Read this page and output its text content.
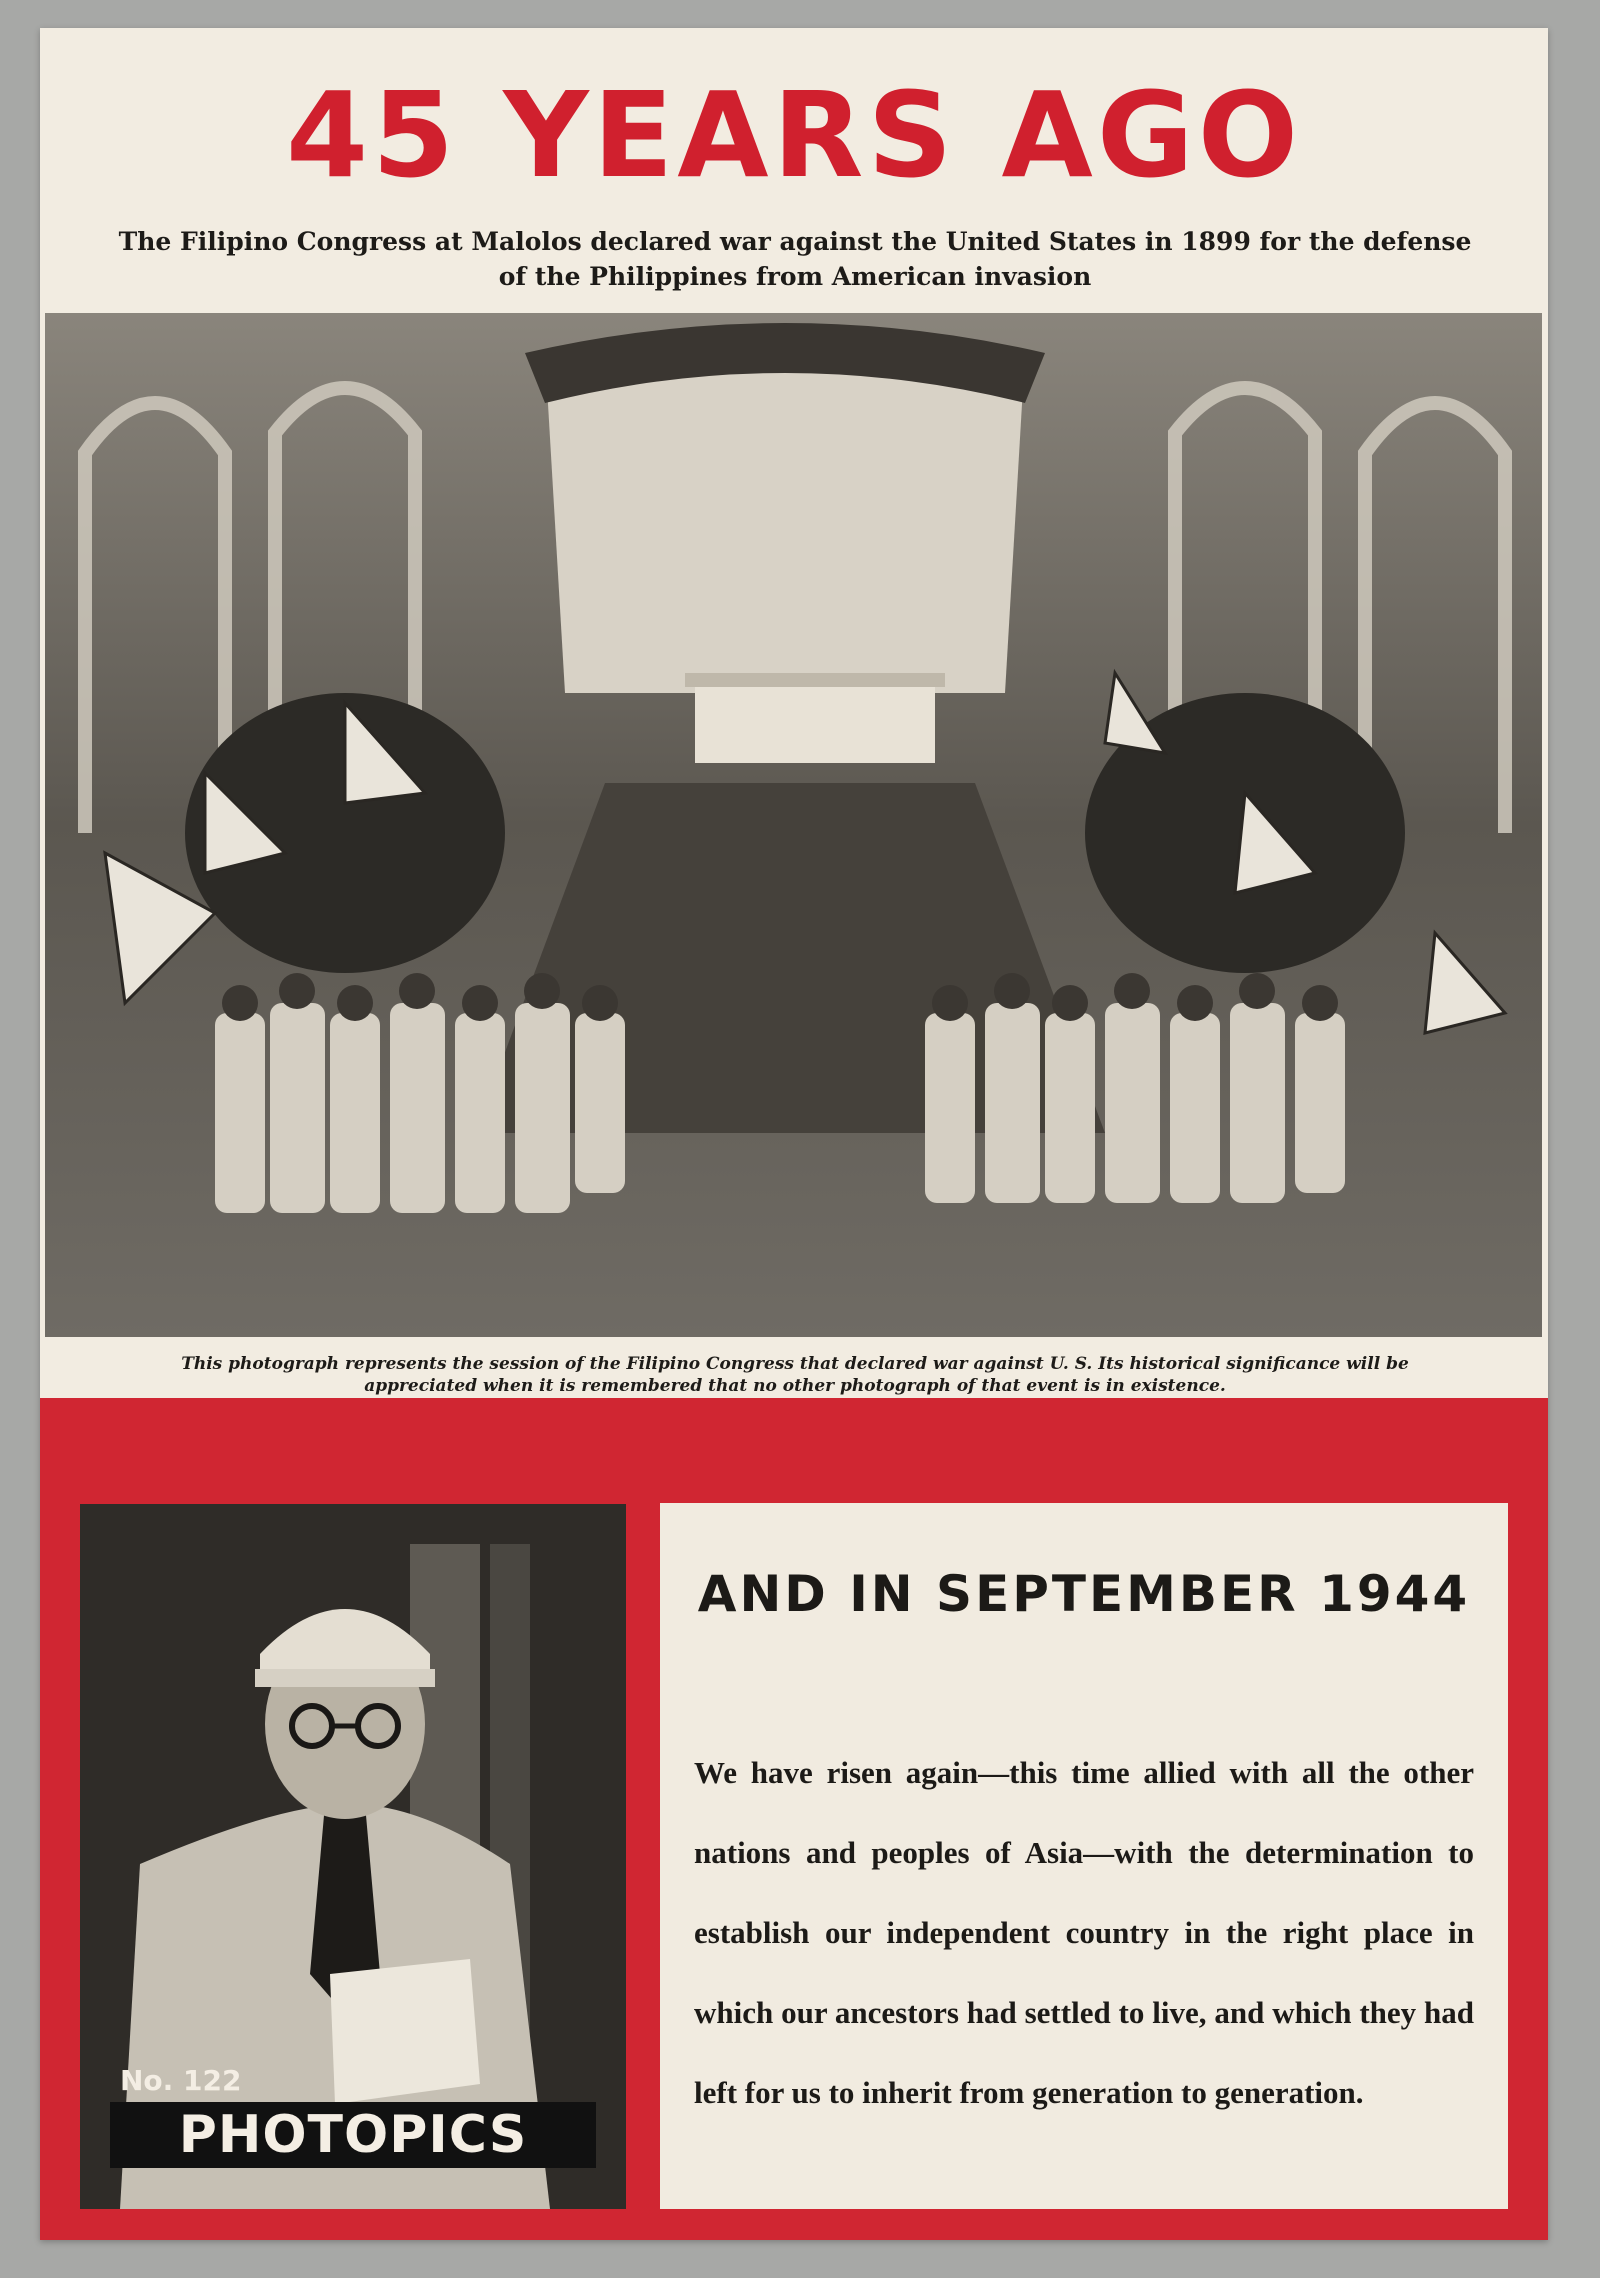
45 YEARS AGO

The Filipino Congress at Malolos declared war against the United States in 1899 for the defense of the Philippines from American invasion

This photograph represents the session of the Filipino Congress that declared war against U. S. Its historical significance will be appreciated when it is remembered that no other photograph of that event is in existence.

No. 122

PHOTOPICS
AND IN SEPTEMBER 1944

We have risen again—this time allied with all the other nations and peoples of Asia—with the determination to establish our independent country in the right place in which our ancestors had settled to live, and which they had left for us to inherit from generation to generation.
